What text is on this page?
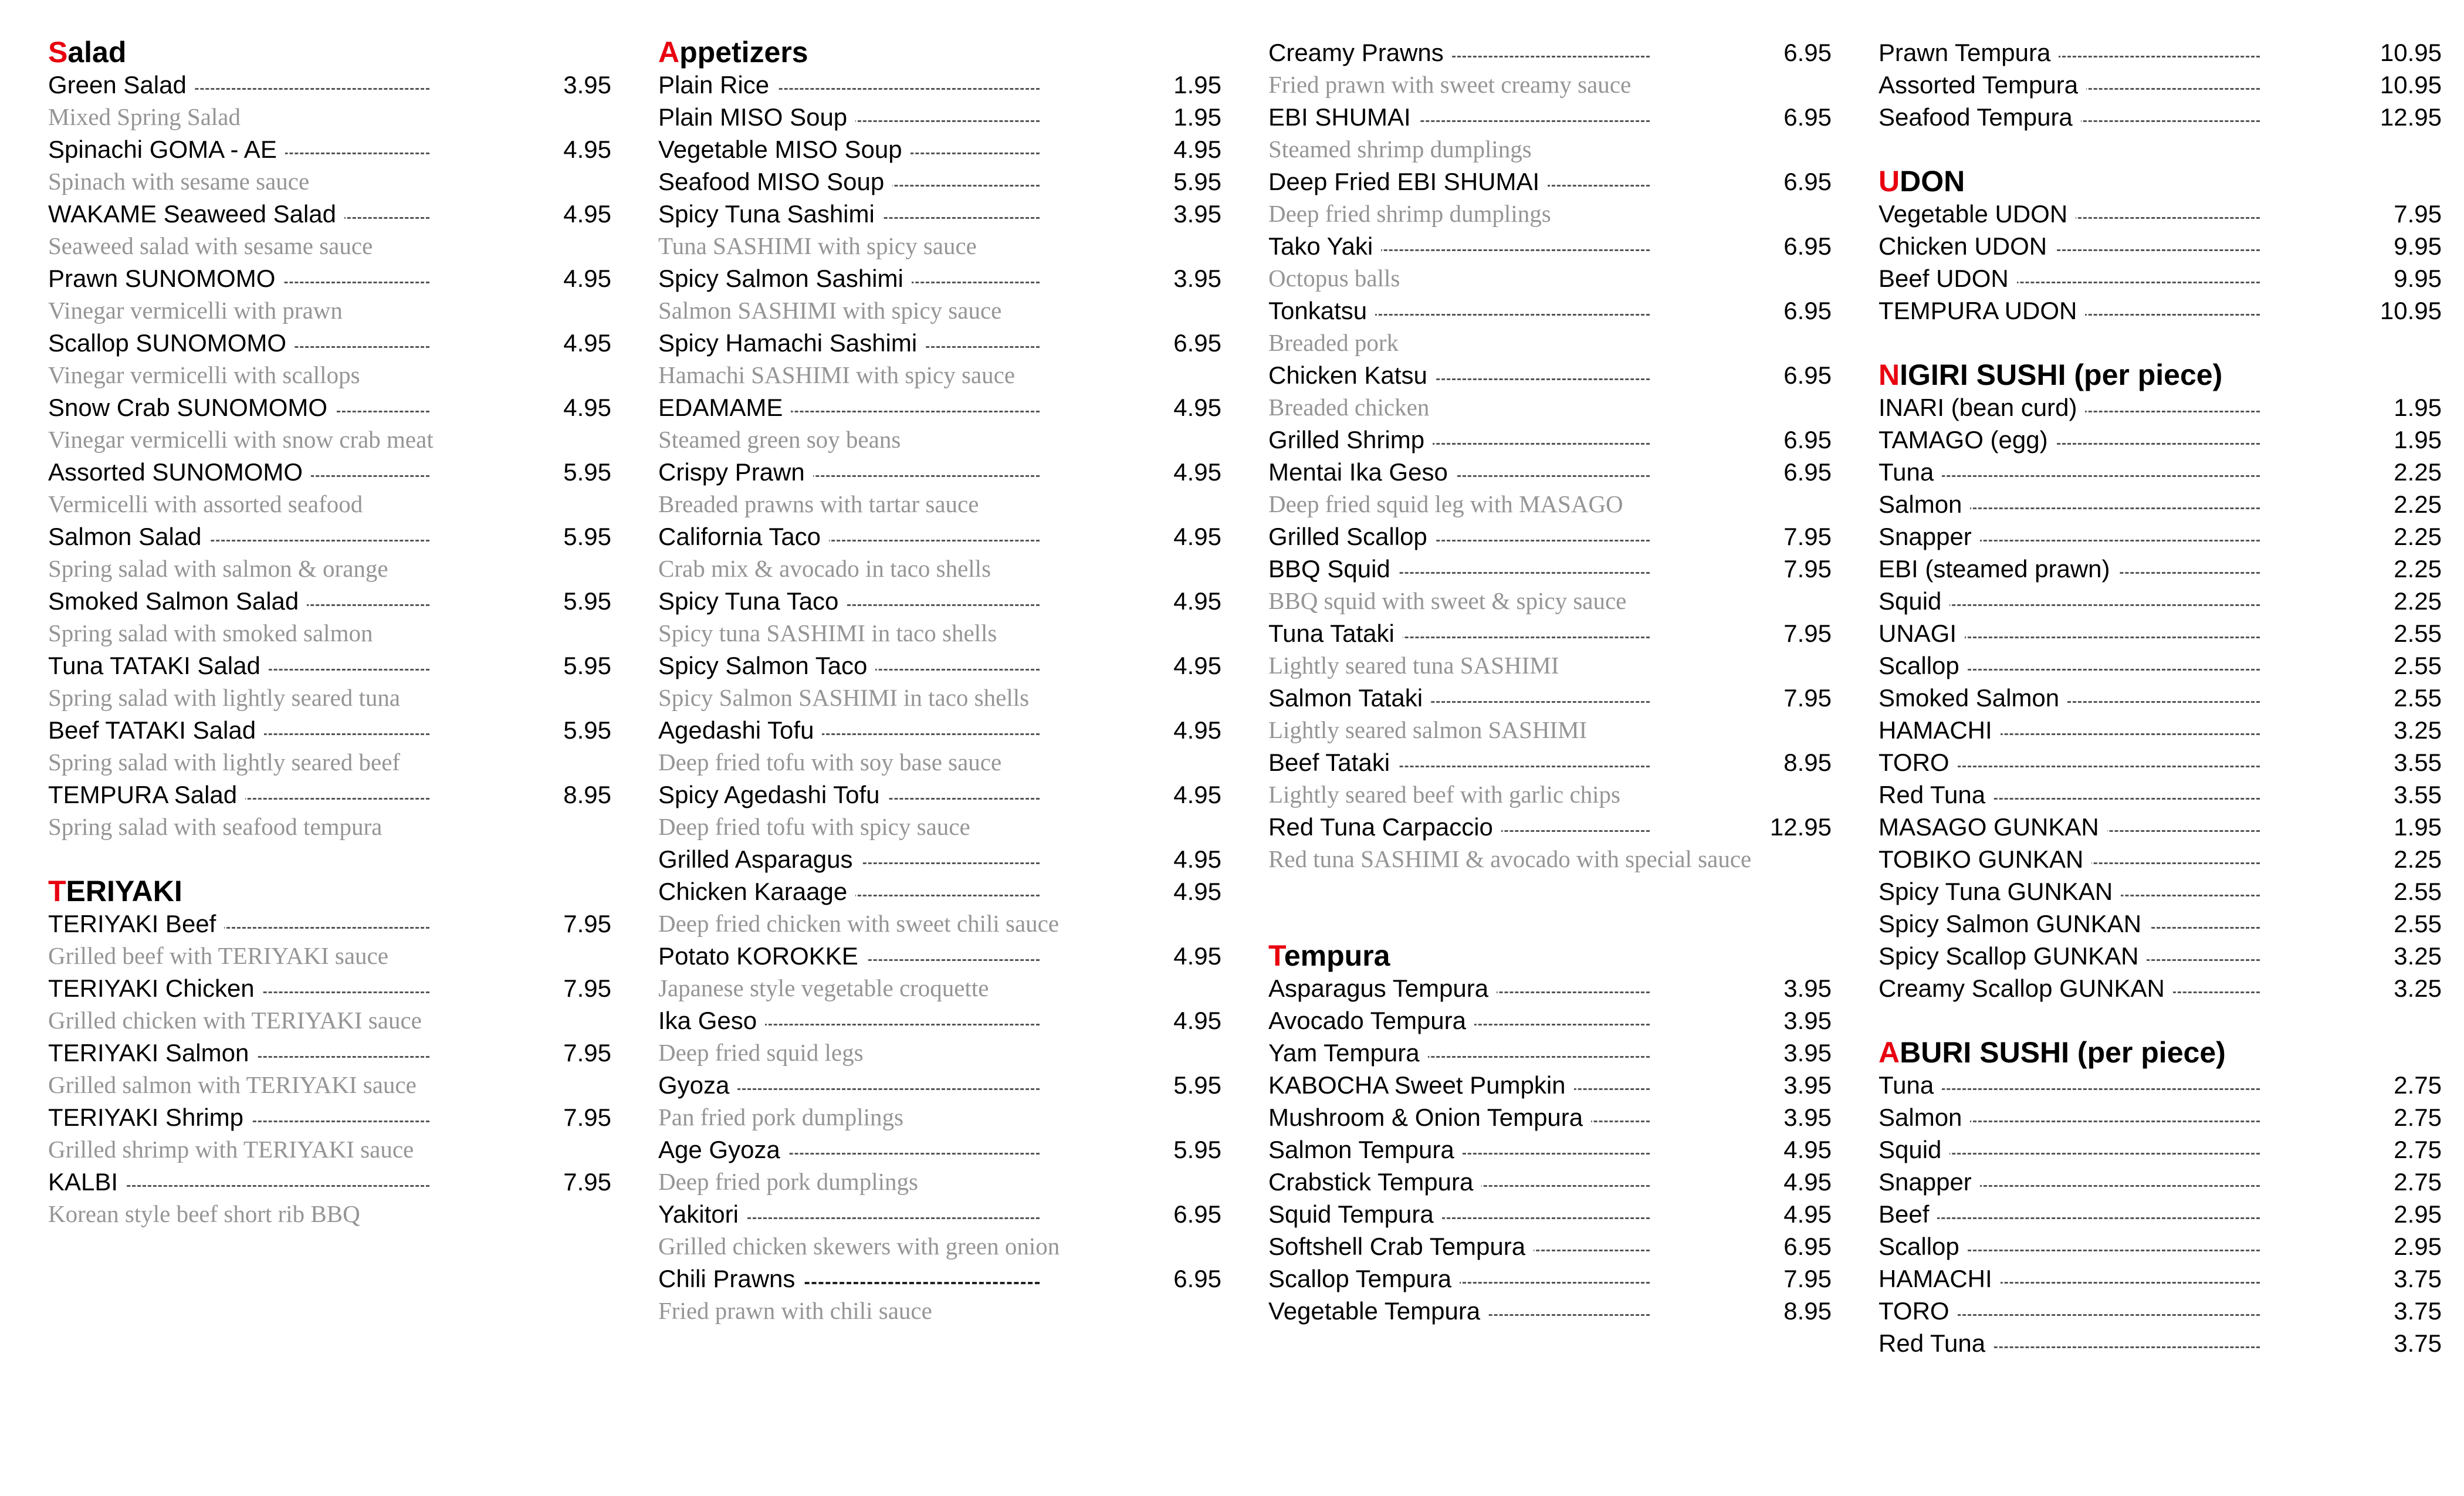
Salad
Green Salad	3.95
Mixed Spring Salad
Spinachi GOMA - AE	4.95
Spinach with sesame sauce
WAKAME Seaweed Salad	4.95
Seaweed salad with sesame sauce
Prawn SUNOMOMO	4.95
Vinegar vermicelli with prawn
Scallop SUNOMOMO	4.95
Vinegar vermicelli with scallops
Snow Crab SUNOMOMO	4.95
Vinegar vermicelli with snow crab meat
Assorted SUNOMOMO	5.95
Vermicelli with assorted seafood
Salmon Salad	5.95
Spring salad with salmon & orange
Smoked Salmon Salad	5.95
Spring salad with smoked salmon
Tuna TATAKI Salad	5.95
Spring salad with lightly seared tuna
Beef TATAKI Salad	5.95
Spring salad with lightly seared beef
TEMPURA Salad	8.95
Spring salad with seafood tempura
TERIYAKI
TERIYAKI Beef	7.95
Grilled beef with TERIYAKI sauce
TERIYAKI Chicken	7.95
Grilled chicken with TERIYAKI sauce
TERIYAKI Salmon	7.95
Grilled salmon with TERIYAKI sauce
TERIYAKI Shrimp	7.95
Grilled shrimp with TERIYAKI sauce
KALBI	7.95
Korean style beef short rib BBQ
Appetizers
Plain Rice	1.95
Plain MISO Soup	1.95
Vegetable MISO Soup	4.95
Seafood MISO Soup	5.95
Spicy Tuna Sashimi	3.95
Tuna SASHIMI with spicy sauce
Spicy Salmon Sashimi	3.95
Salmon SASHIMI with spicy sauce
Spicy Hamachi Sashimi	6.95
Hamachi SASHIMI with spicy sauce
EDAMAME	4.95
Steamed green soy beans
Crispy Prawn	4.95
Breaded prawns with tartar sauce
California Taco	4.95
Crab mix & avocado in taco shells
Spicy Tuna Taco	4.95
Spicy tuna SASHIMI in taco shells
Spicy Salmon Taco	4.95
Spicy Salmon SASHIMI in taco shells
Agedashi Tofu	4.95
Deep fried tofu with soy base sauce
Spicy Agedashi Tofu	4.95
Deep fried tofu with spicy sauce
Grilled Asparagus	4.95
Chicken Karaage	4.95
Deep fried chicken with sweet chili sauce
Potato KOROKKE	4.95
Japanese style vegetable croquette
Ika Geso	4.95
Deep fried squid legs
Gyoza	5.95
Pan fried pork dumplings
Age Gyoza	5.95
Deep fried pork dumplings
Yakitori	6.95
Grilled chicken skewers with green onion
Chili Prawns	6.95
Fried prawn with chili sauce
Creamy Prawns	6.95
Fried prawn with sweet creamy sauce
EBI SHUMAI	6.95
Steamed shrimp dumplings
Deep Fried EBI SHUMAI	6.95
Deep fried shrimp dumplings
Tako Yaki	6.95
Octopus balls
Tonkatsu	6.95
Breaded pork
Chicken Katsu	6.95
Breaded chicken
Grilled Shrimp	6.95
Mentai Ika Geso	6.95
Deep fried squid leg with MASAGO
Grilled Scallop	7.95
BBQ Squid	7.95
BBQ squid with sweet & spicy sauce
Tuna Tataki	7.95
Lightly seared tuna SASHIMI
Salmon Tataki	7.95
Lightly seared salmon SASHIMI
Beef Tataki	8.95
Lightly seared beef with garlic chips
Red Tuna Carpaccio	12.95
Red tuna SASHIMI & avocado with special sauce
Tempura
Asparagus Tempura	3.95
Avocado Tempura	3.95
Yam Tempura	3.95
KABOCHA Sweet Pumpkin	3.95
Mushroom & Onion Tempura	3.95
Salmon Tempura	4.95
Crabstick Tempura	4.95
Squid Tempura	4.95
Softshell Crab Tempura	6.95
Scallop Tempura	7.95
Vegetable Tempura	8.95
Prawn Tempura	10.95
Assorted Tempura	10.95
Seafood Tempura	12.95
UDON
Vegetable UDON	7.95
Chicken UDON	9.95
Beef UDON	9.95
TEMPURA UDON	10.95
NIGIRI SUSHI (per piece)
INARI (bean curd)	1.95
TAMAGO (egg)	1.95
Tuna	2.25
Salmon	2.25
Snapper	2.25
EBI (steamed prawn)	2.25
Squid	2.25
UNAGI	2.55
Scallop	2.55
Smoked Salmon	2.55
HAMACHI	3.25
TORO	3.55
Red Tuna	3.55
MASAGO GUNKAN	1.95
TOBIKO GUNKAN	2.25
Spicy Tuna GUNKAN	2.55
Spicy Salmon GUNKAN	2.55
Spicy Scallop GUNKAN	3.25
Creamy Scallop GUNKAN	3.25
ABURI SUSHI (per piece)
Tuna	2.75
Salmon	2.75
Squid	2.75
Snapper	2.75
Beef	2.95
Scallop	2.95
HAMACHI	3.75
TORO	3.75
Red Tuna	3.75
